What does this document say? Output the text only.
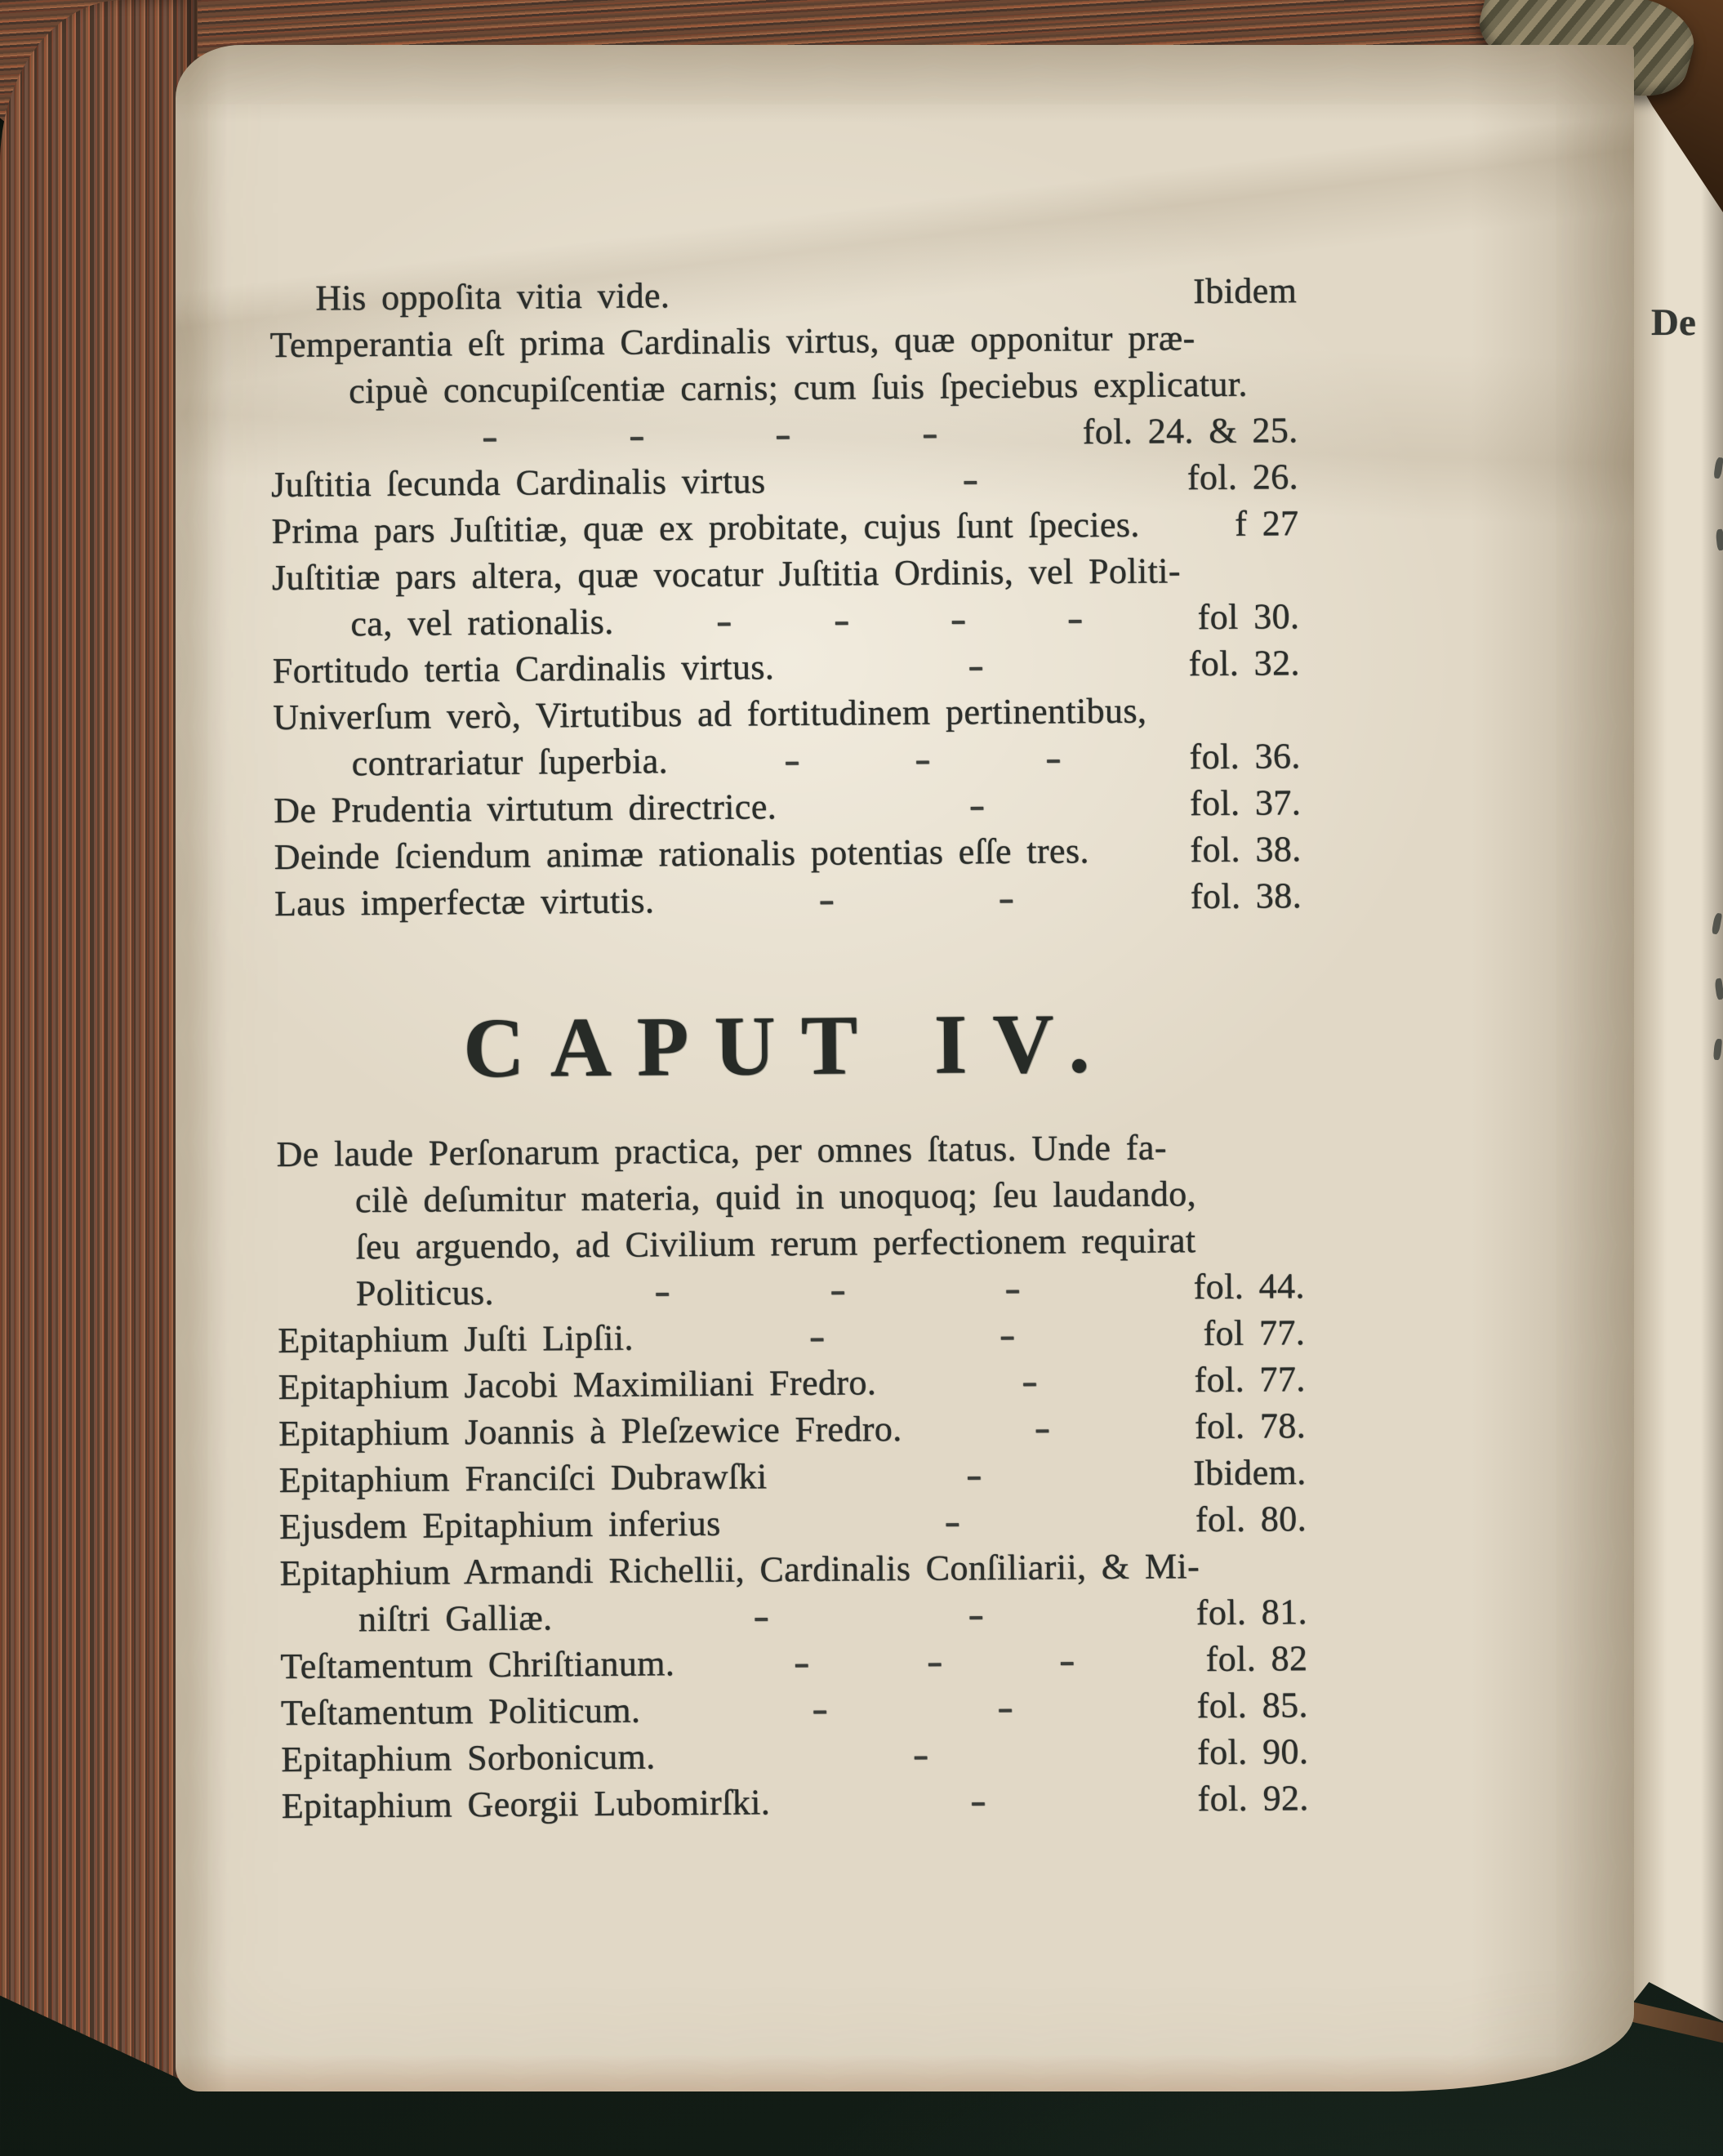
De
His oppoſita vitia vide.	Ibidem
Temperantia eſt prima Cardinalis virtus, quæ opponitur præ-
cipuè concupiſcentiæ carnis; cum ſuis ſpeciebus explicatur.
-	-	-	-	fol. 24. & 25.
Juſtitia ſecunda Cardinalis virtus	-	fol. 26.
Prima pars Juſtitiæ, quæ ex probitate, cujus ſunt ſpecies.	f 27
Juſtitiæ pars altera, quæ vocatur Juſtitia Ordinis, vel Politi-
ca, vel rationalis.	-	-	-	-	fol 30.
Fortitudo tertia Cardinalis virtus.	-	fol. 32.
Univerſum verò, Virtutibus ad fortitudinem pertinentibus,
contrariatur ſuperbia.	-	-	-	fol. 36.
De Prudentia virtutum directrice.	-	fol. 37.
Deinde ſciendum animæ rationalis potentias eſſe tres.	fol. 38.
Laus imperfectæ virtutis.	-	-	fol. 38.
CAPUT IV.
De laude Perſonarum practica, per omnes ſtatus. Unde fa-
cilè deſumitur materia, quid in unoquoq; ſeu laudando,
ſeu arguendo, ad Civilium rerum perfectionem requirat
Politicus.	-	-	-	fol. 44.
Epitaphium Juſti Lipſii.	-	-	fol 77.
Epitaphium Jacobi Maximiliani Fredro.	-	fol. 77.
Epitaphium Joannis à Pleſzewice Fredro.	-	fol. 78.
Epitaphium Franciſci Dubrawſki	-	Ibidem.
Ejusdem Epitaphium inferius	-	fol. 80.
Epitaphium Armandi Richellii, Cardinalis Conſiliarii, & Mi-
niſtri Galliæ.	-	-	fol. 81.
Teſtamentum Chriſtianum.	-	-	-	fol. 82
Teſtamentum Politicum.	-	-	fol. 85.
Epitaphium Sorbonicum.	-	fol. 90.
Epitaphium Georgii Lubomirſki.	-	fol. 92.
